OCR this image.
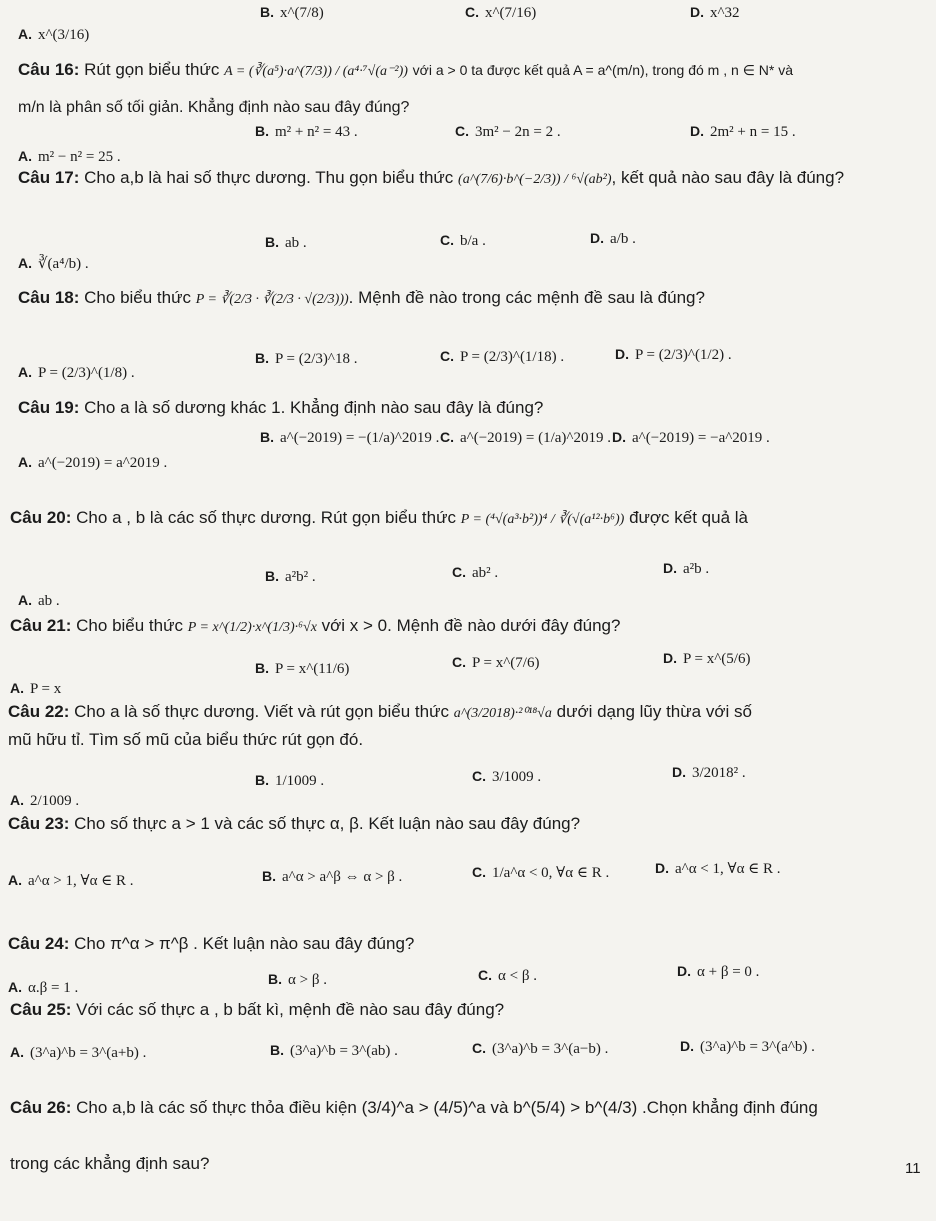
A. x^(3/16)
B. x^(7/8)	C. x^(7/16)	D. x^32
Câu 16: Rút gọn biểu thức A = (∛(a⁵)·a^(7/3)) / (a⁴·⁷√(a⁻²)) với a > 0 ta được kết quả A = a^(m/n), trong đó m , n ∈ N* và
m/n là phân số tối giản. Khẳng định nào sau đây đúng?
A. m² − n² = 25 .
B. m² + n² = 43 .	C. 3m² − 2n = 2 .	D. 2m² + n = 15 .
Câu 17: Cho a,b là hai số thực dương. Thu gọn biểu thức (a^(7/6)·b^(−2/3)) / ⁶√(ab²), kết quả nào sau đây là đúng?
A. ∛(a⁴/b) .
B. ab .	C. b/a .	D. a/b .
Câu 18: Cho biểu thức P = ∛(2/3 · ∛(2/3 · √(2/3))). Mệnh đề nào trong các mệnh đề sau là đúng?
A. P = (2/3)^(1/8) .
B. P = (2/3)^18 .	C. P = (2/3)^(1/18) .	D. P = (2/3)^(1/2) .
Câu 19: Cho a là số dương khác 1. Khẳng định nào sau đây là đúng?
A. a^(−2019) = a^2019 .
B. a^(−2019) = −(1/a)^2019 . C. a^(−2019) = (1/a)^2019 . D. a^(−2019) = −a^2019 .
Câu 20: Cho a , b là các số thực dương. Rút gọn biểu thức P = (⁴√(a³·b²))⁴ / ∛(√(a¹²·b⁶)) được kết quả là
A. ab .
B. a²b² .	C. ab² .	D. a²b .
Câu 21: Cho biểu thức P = x^(1/2)·x^(1/3)·⁶√x với x > 0. Mệnh đề nào dưới đây đúng?
A. P = x
B. P = x^(11/6)	C. P = x^(7/6)	D. P = x^(5/6)
Câu 22: Cho a là số thực dương. Viết và rút gọn biểu thức a^(3/2018)·²⁰¹⁸√a dưới dạng lũy thừa với số
mũ hữu tỉ. Tìm số mũ của biểu thức rút gọn đó.
A. 2/1009 .
B. 1/1009 .	C. 3/1009 .	D. 3/2018² .
Câu 23: Cho số thực a > 1 và các số thực α, β. Kết luận nào sau đây đúng?
A. a^α > 1, ∀α ∈ R .	B. a^α > a^β ⇔ α > β .	C. 1/a^α < 0, ∀α ∈ R .	D. a^α < 1, ∀α ∈ R .
Câu 24: Cho π^α > π^β . Kết luận nào sau đây đúng?
A. α.β = 1 .
B. α > β .	C. α < β .	D. α + β = 0 .
Câu 25: Với các số thực a , b bất kì, mệnh đề nào sau đây đúng?
A. (3^a)^b = 3^(a+b) .	B. (3^a)^b = 3^(ab) .	C. (3^a)^b = 3^(a−b) .	D. (3^a)^b = 3^(a^b) .
Câu 26: Cho a,b là các số thực thỏa điều kiện (3/4)^a > (4/5)^a và b^(5/4) > b^(4/3) .Chọn khẳng định đúng
trong các khẳng định sau?	11
